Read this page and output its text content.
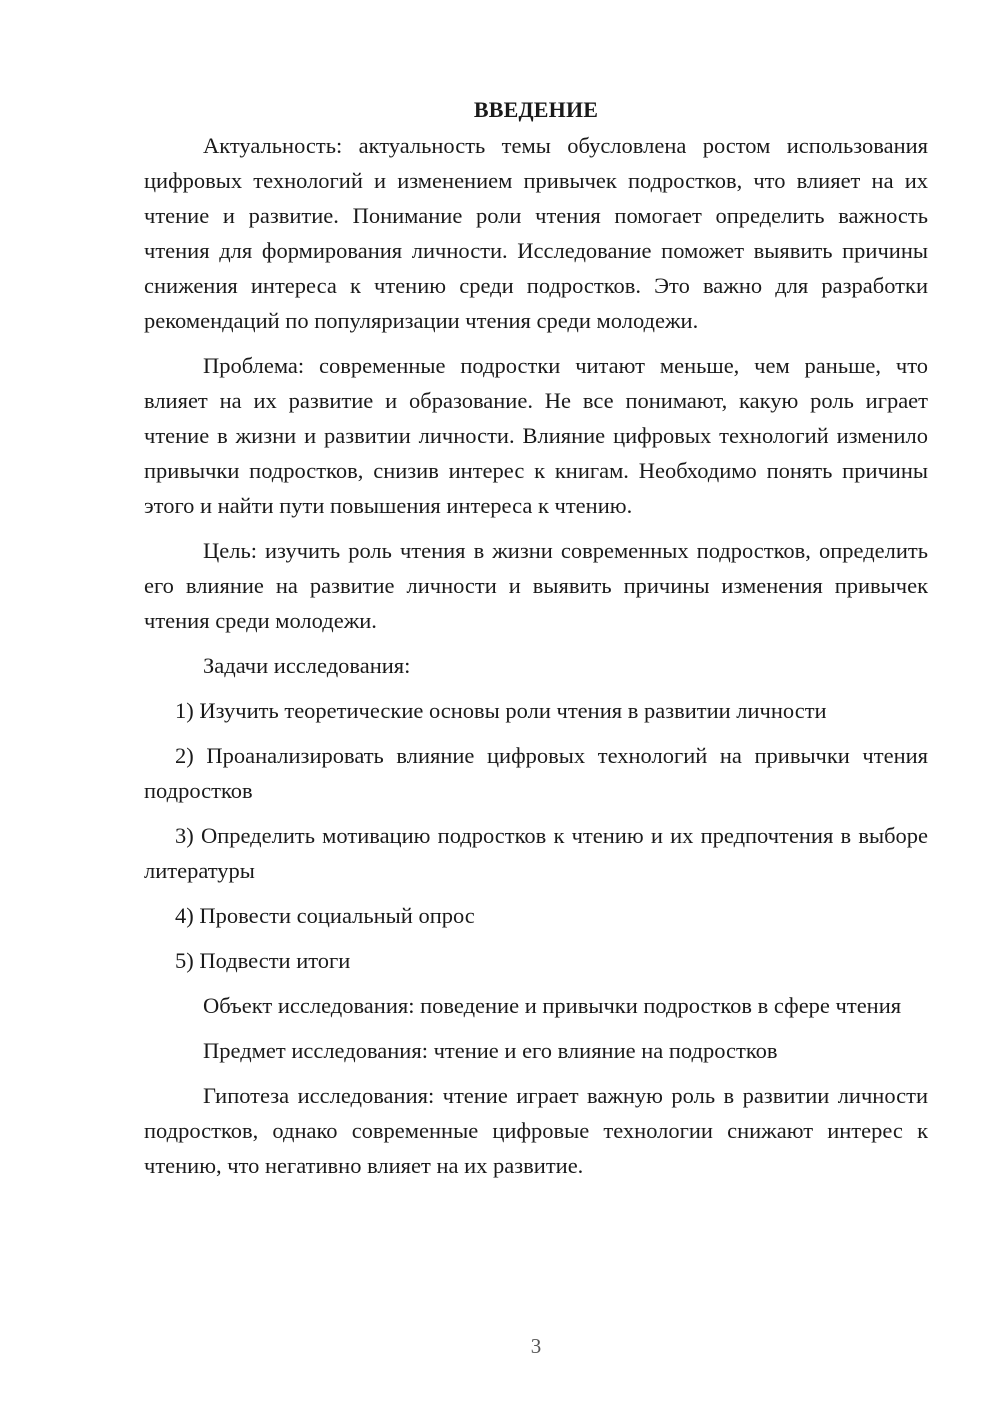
ВВЕДЕНИЕ

Актуальность: актуальность темы обусловлена ростом использования цифровых технологий и изменением привычек подростков, что влияет на их чтение и развитие. Понимание роли чтения помогает определить важность чтения для формирования личности. Исследование поможет выявить причины снижения интереса к чтению среди подростков. Это важно для разработки рекомендаций по популяризации чтения среди молодежи.

Проблема: современные подростки читают меньше, чем раньше, что влияет на их развитие и образование. Не все понимают, какую роль играет чтение в жизни и развитии личности. Влияние цифровых технологий изменило привычки подростков, снизив интерес к книгам. Необходимо понять причины этого и найти пути повышения интереса к чтению.

Цель: изучить роль чтения в жизни современных подростков, определить его влияние на развитие личности и выявить причины изменения привычек чтения среди молодежи.

Задачи исследования:

1) Изучить теоретические основы роли чтения в развитии личности

2) Проанализировать влияние цифровых технологий на привычки чтения подростков

3) Определить мотивацию подростков к чтению и их предпочтения в выборе литературы

4) Провести социальный опрос

5) Подвести итоги

Объект исследования: поведение и привычки подростков в сфере чтения

Предмет исследования: чтение и его влияние на подростков

Гипотеза исследования: чтение играет важную роль в развитии личности подростков, однако современные цифровые технологии снижают интерес к чтению, что негативно влияет на их развитие.

3
